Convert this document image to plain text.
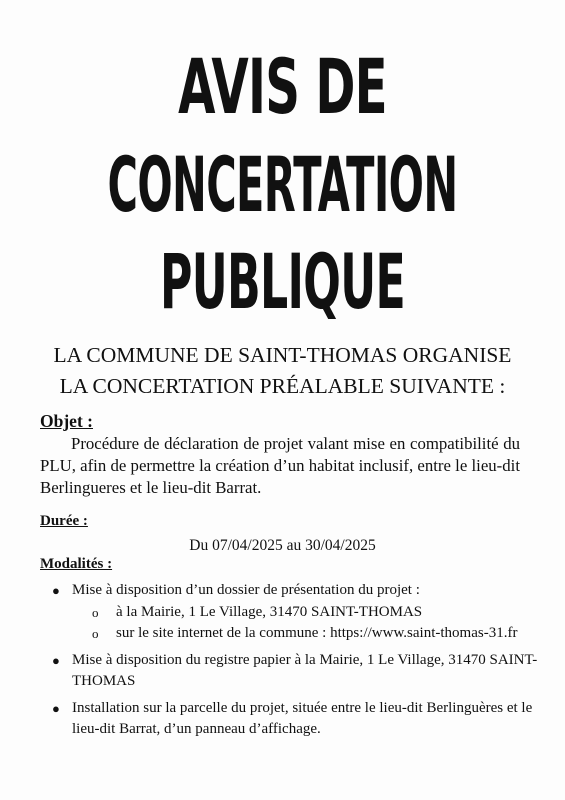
AVIS DE
CONCERTATION
PUBLIQUE
LA COMMUNE DE SAINT-THOMAS ORGANISE
LA CONCERTATION PRÉALABLE SUIVANTE :
Objet :
Procédure de déclaration de projet valant mise en compatibilité du PLU, afin de permettre la création d’un habitat inclusif, entre le lieu-dit Berlingueres et le lieu-dit Barrat.
Durée :
Du 07/04/2025 au 30/04/2025
Modalités :
● Mise à disposition d’un dossier de présentation du projet :
o à la Mairie, 1 Le Village, 31470 SAINT-THOMAS
o sur le site internet de la commune : https://www.saint-thomas-31.fr
● Mise à disposition du registre papier à la Mairie, 1 Le Village, 31470 SAINT-THOMAS
● Installation sur la parcelle du projet, située entre le lieu-dit Berlinguères et le lieu-dit Barrat, d’un panneau d’affichage.
